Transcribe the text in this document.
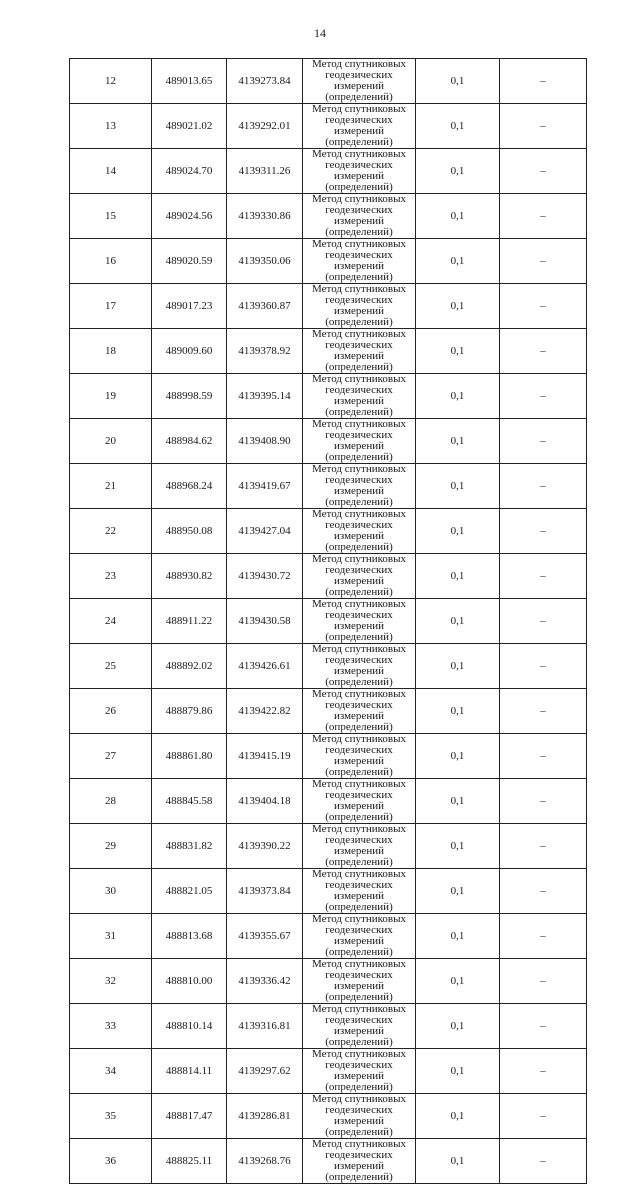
14
12	489013.65	4139273.84	Метод спутниковых
геодезических измерений
(определений)	0,1	–
13	489021.02	4139292.01	Метод спутниковых
геодезических измерений
(определений)	0,1	–
14	489024.70	4139311.26	Метод спутниковых
геодезических измерений
(определений)	0,1	–
15	489024.56	4139330.86	Метод спутниковых
геодезических измерений
(определений)	0,1	–
16	489020.59	4139350.06	Метод спутниковых
геодезических измерений
(определений)	0,1	–
17	489017.23	4139360.87	Метод спутниковых
геодезических измерений
(определений)	0,1	–
18	489009.60	4139378.92	Метод спутниковых
геодезических измерений
(определений)	0,1	–
19	488998.59	4139395.14	Метод спутниковых
геодезических измерений
(определений)	0,1	–
20	488984.62	4139408.90	Метод спутниковых
геодезических измерений
(определений)	0,1	–
21	488968.24	4139419.67	Метод спутниковых
геодезических измерений
(определений)	0,1	–
22	488950.08	4139427.04	Метод спутниковых
геодезических измерений
(определений)	0,1	–
23	488930.82	4139430.72	Метод спутниковых
геодезических измерений
(определений)	0,1	–
24	488911.22	4139430.58	Метод спутниковых
геодезических измерений
(определений)	0,1	–
25	488892.02	4139426.61	Метод спутниковых
геодезических измерений
(определений)	0,1	–
26	488879.86	4139422.82	Метод спутниковых
геодезических измерений
(определений)	0,1	–
27	488861.80	4139415.19	Метод спутниковых
геодезических измерений
(определений)	0,1	–
28	488845.58	4139404.18	Метод спутниковых
геодезических измерений
(определений)	0,1	–
29	488831.82	4139390.22	Метод спутниковых
геодезических измерений
(определений)	0,1	–
30	488821.05	4139373.84	Метод спутниковых
геодезических измерений
(определений)	0,1	–
31	488813.68	4139355.67	Метод спутниковых
геодезических измерений
(определений)	0,1	–
32	488810.00	4139336.42	Метод спутниковых
геодезических измерений
(определений)	0,1	–
33	488810.14	4139316.81	Метод спутниковых
геодезических измерений
(определений)	0,1	–
34	488814.11	4139297.62	Метод спутниковых
геодезических измерений
(определений)	0,1	–
35	488817.47	4139286.81	Метод спутниковых
геодезических измерений
(определений)	0,1	–
36	488825.11	4139268.76	Метод спутниковых
геодезических измерений
(определений)	0,1	–
